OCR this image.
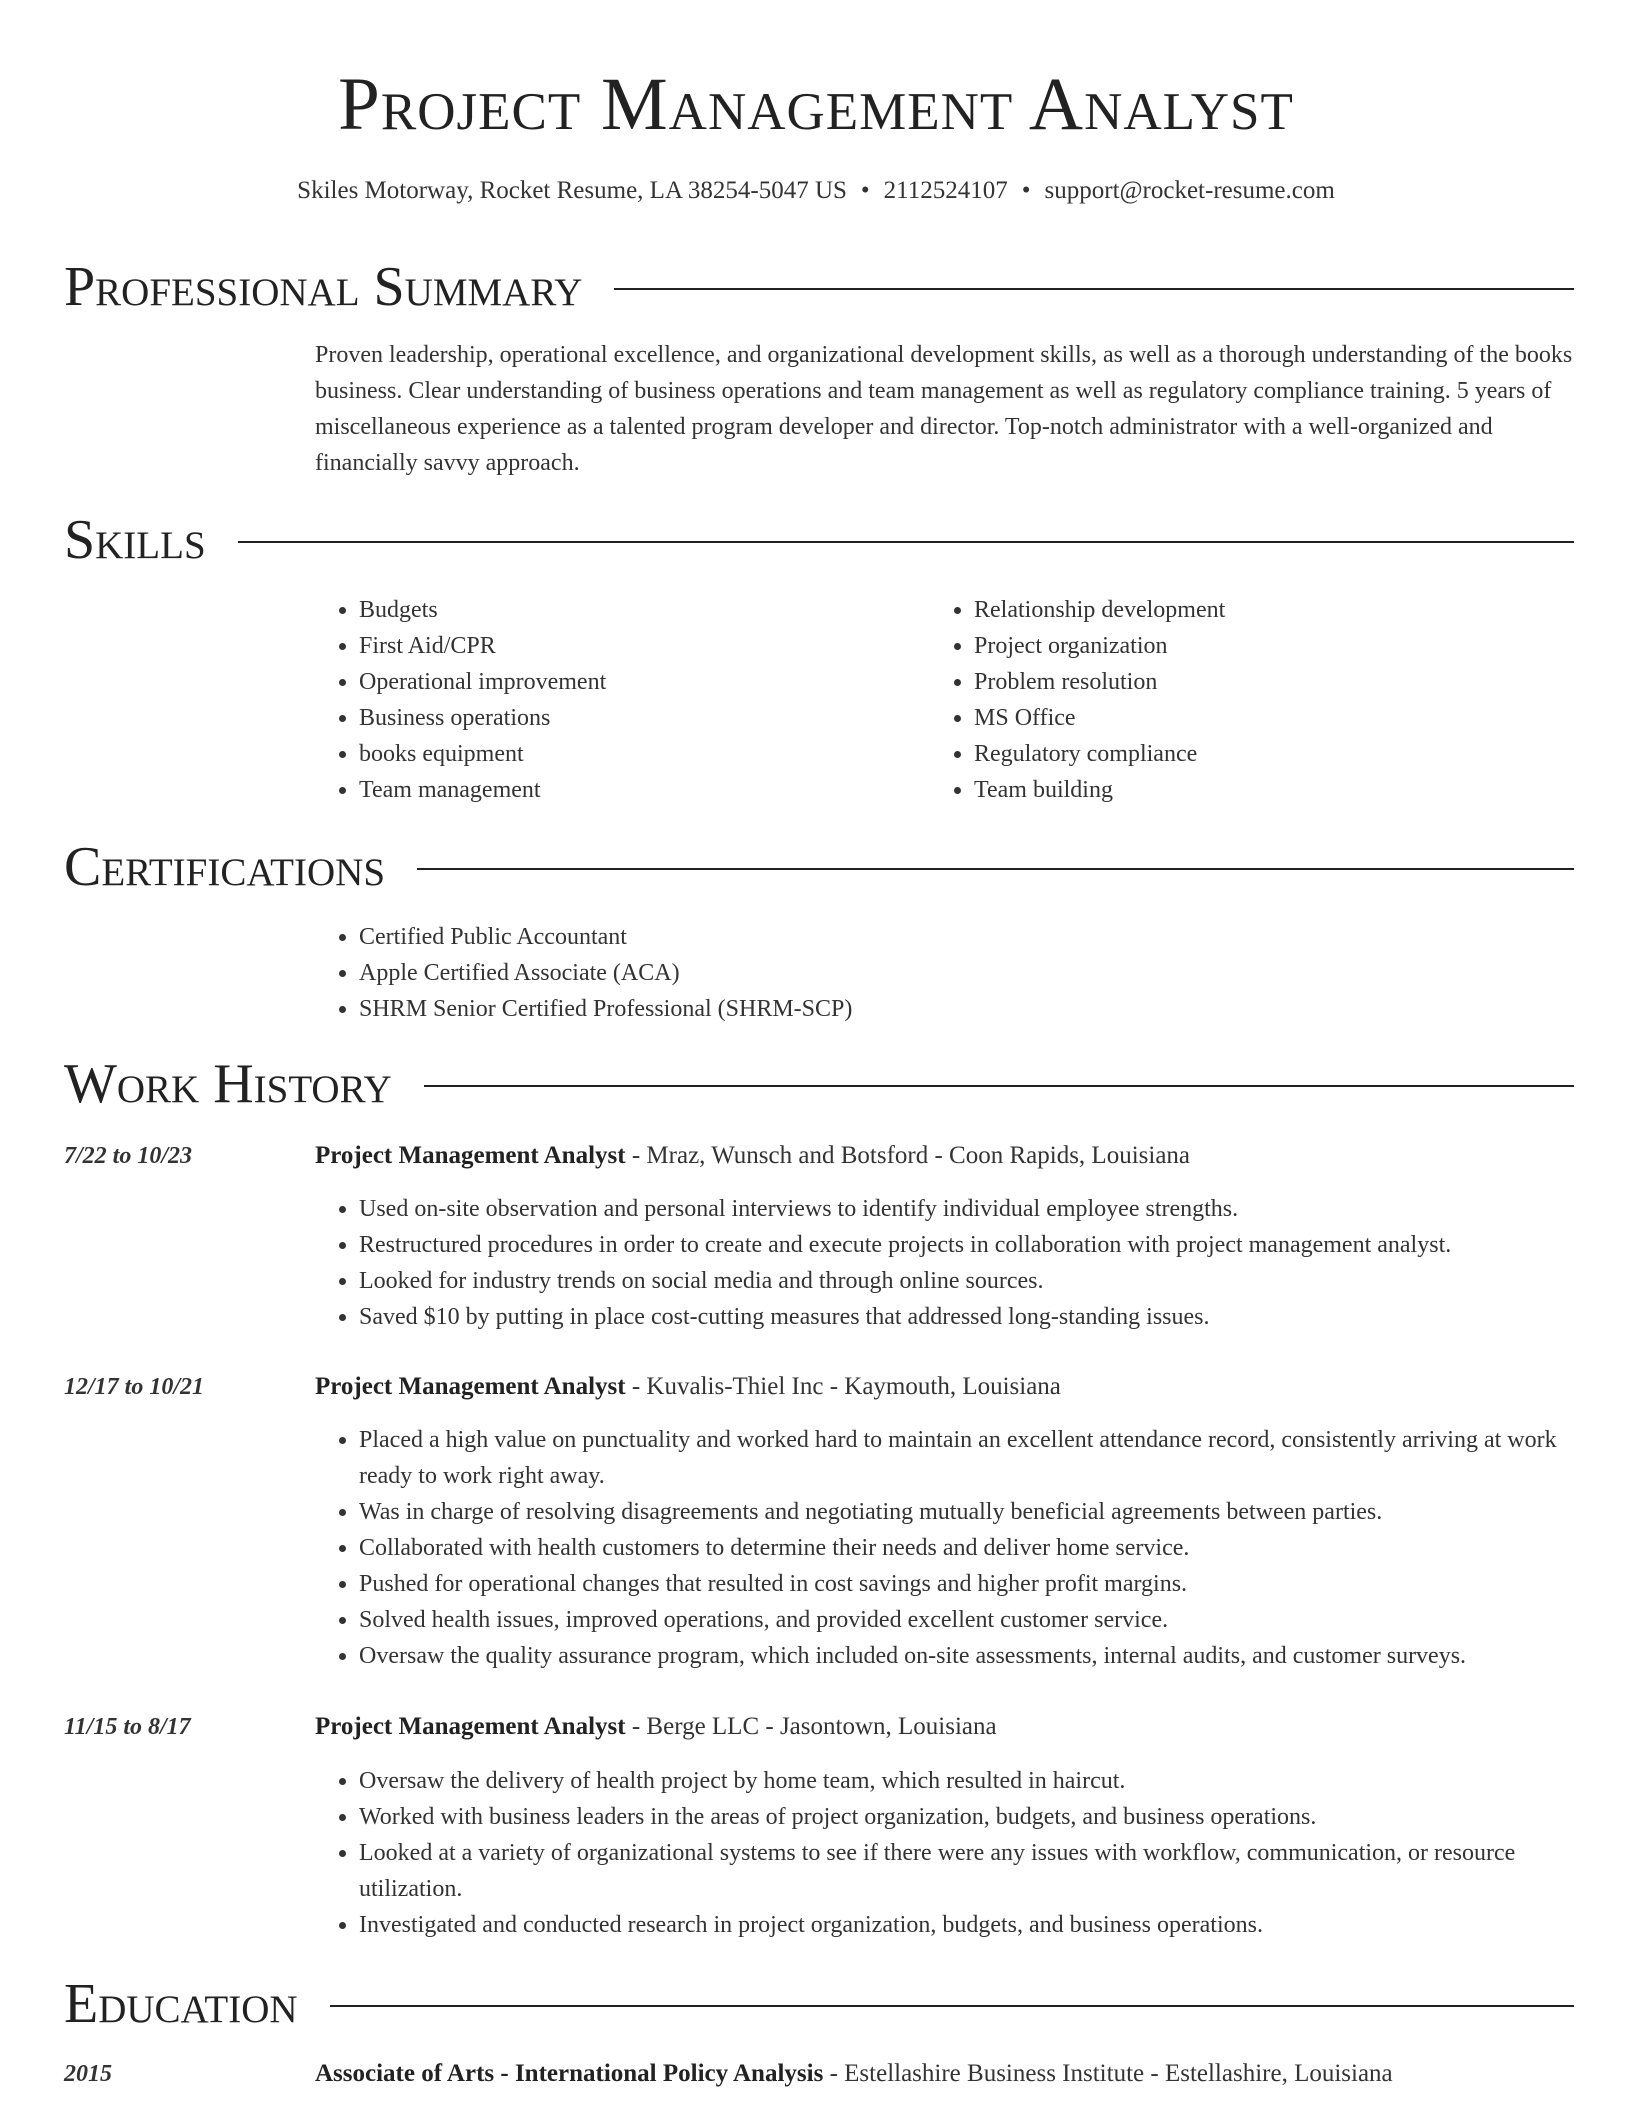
Project Management Analyst
Skiles Motorway, Rocket Resume, LA 38254-5047 US • 2112524107 • support@rocket-resume.com
Professional Summary

Proven leadership, operational excellence, and organizational development skills, as well as a thorough understanding of the books business. Clear understanding of business operations and team management as well as regulatory compliance training. 5 years of miscellaneous experience as a talented program developer and director. Top-notch administrator with a well-organized and financially savvy approach.

Skills
• Budgets
• First Aid/CPR
• Operational improvement
• Business operations
• books equipment
• Team management
• Relationship development
• Project organization
• Problem resolution
• MS Office
• Regulatory compliance
• Team building
Certifications
• Certified Public Accountant
• Apple Certified Associate (ACA)
• SHRM Senior Certified Professional (SHRM-SCP)
Work History
7/22 to 10/23	Project Management Analyst - Mraz, Wunsch and Botsford - Coon Rapids, Louisiana
• Used on-site observation and personal interviews to identify individual employee strengths.
• Restructured procedures in order to create and execute projects in collaboration with project management analyst.
• Looked for industry trends on social media and through online sources.
• Saved $10 by putting in place cost-cutting measures that addressed long-standing issues.
12/17 to 10/21	Project Management Analyst - Kuvalis-Thiel Inc - Kaymouth, Louisiana
• Placed a high value on punctuality and worked hard to maintain an excellent attendance record, consistently arriving at work ready to work right away.
• Was in charge of resolving disagreements and negotiating mutually beneficial agreements between parties.
• Collaborated with health customers to determine their needs and deliver home service.
• Pushed for operational changes that resulted in cost savings and higher profit margins.
• Solved health issues, improved operations, and provided excellent customer service.
• Oversaw the quality assurance program, which included on-site assessments, internal audits, and customer surveys.
11/15 to 8/17	Project Management Analyst - Berge LLC - Jasontown, Louisiana
• Oversaw the delivery of health project by home team, which resulted in haircut.
• Worked with business leaders in the areas of project organization, budgets, and business operations.
• Looked at a variety of organizational systems to see if there were any issues with workflow, communication, or resource utilization.
• Investigated and conducted research in project organization, budgets, and business operations.
Education
2015	Associate of Arts - International Policy Analysis - Estellashire Business Institute - Estellashire, Louisiana
